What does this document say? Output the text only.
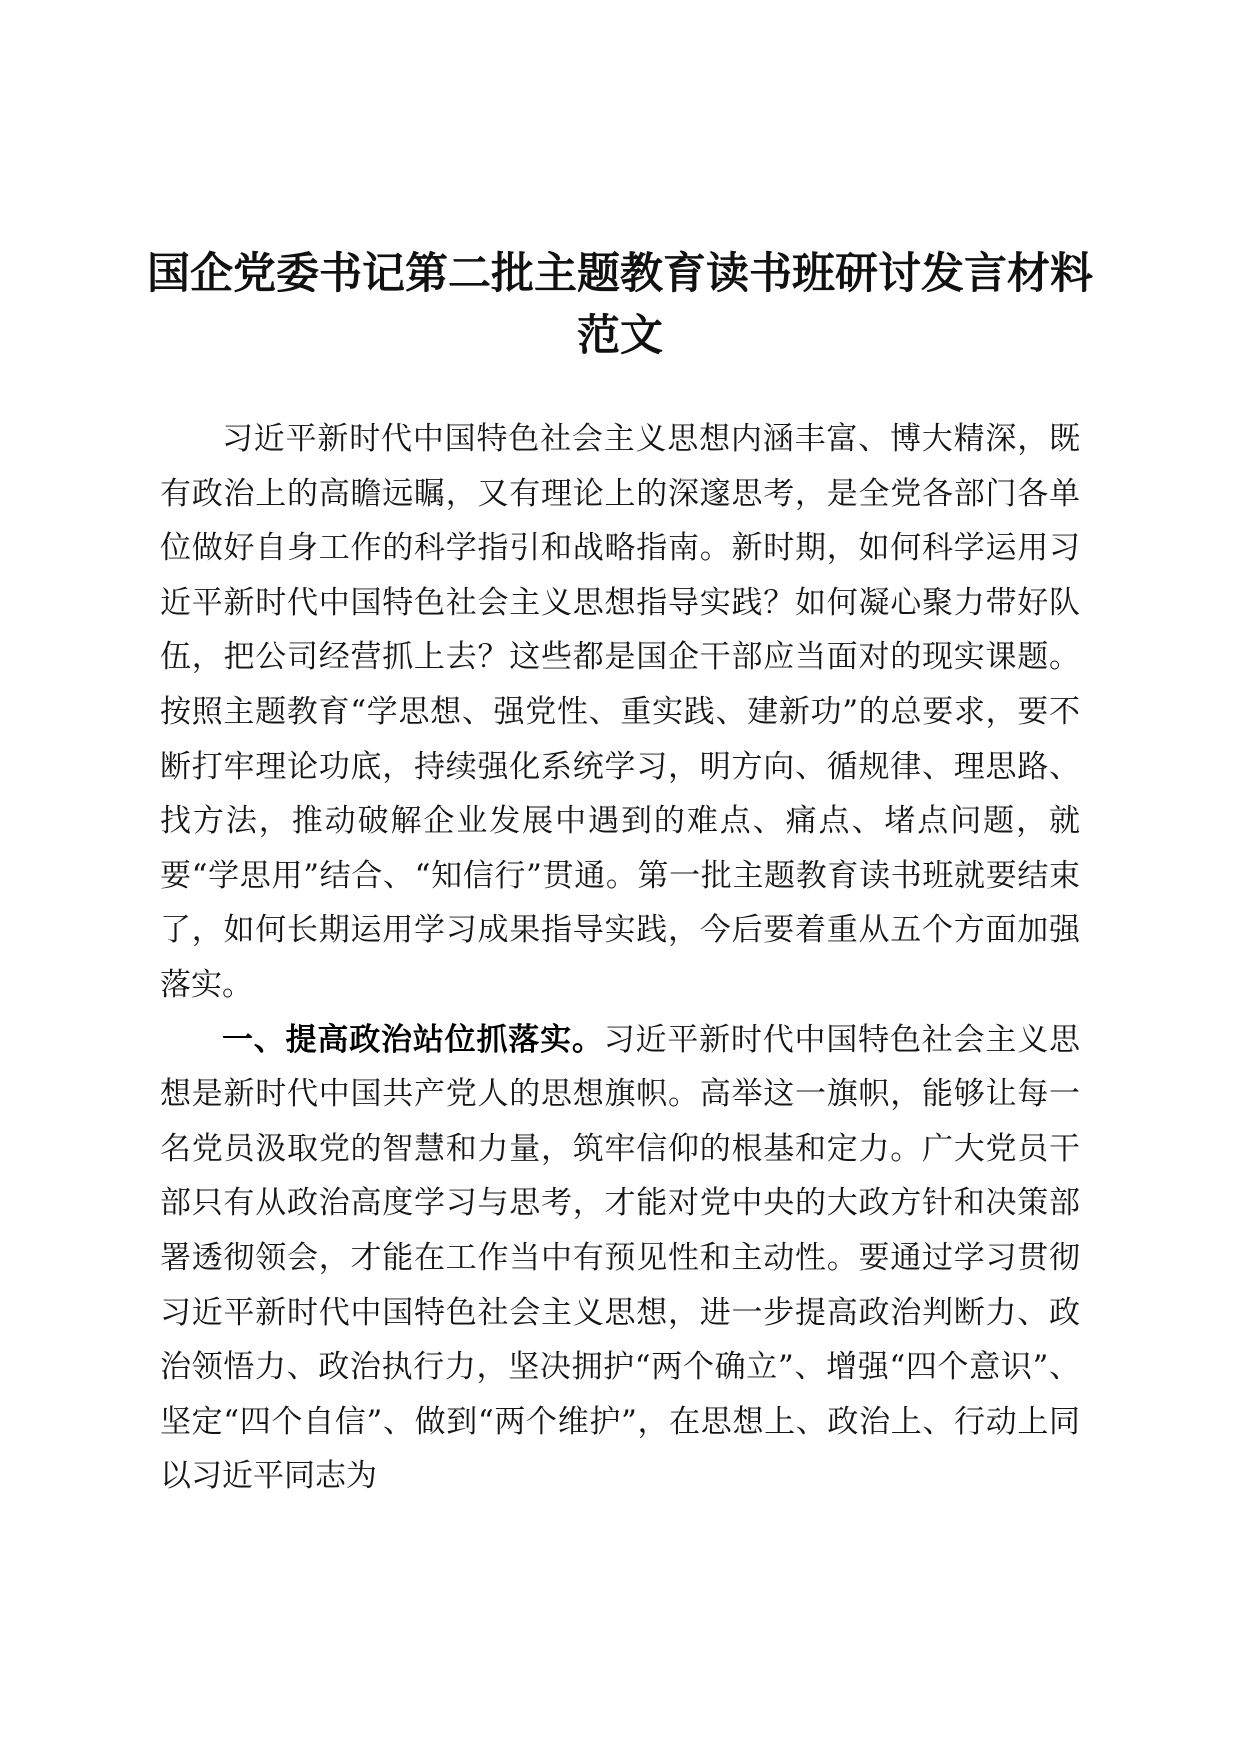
国企党委书记第二批主题教育读书班研讨发言材料范文

习近平新时代中国特色社会主义思想内涵丰富、博大精深，既有政治上的高瞻远瞩，又有理论上的深邃思考，是全党各部门各单位做好自身工作的科学指引和战略指南。新时期，如何科学运用习近平新时代中国特色社会主义思想指导实践？如何凝心聚力带好队伍，把公司经营抓上去？这些都是国企干部应当面对的现实课题。按照主题教育“学思想、强党性、重实践、建新功”的总要求，要不断打牢理论功底，持续强化系统学习，明方向、循规律、理思路、找方法，推动破解企业发展中遇到的难点、痛点、堵点问题，就要“学思用”结合、“知信行”贯通。第一批主题教育读书班就要结束了，如何长期运用学习成果指导实践，今后要着重从五个方面加强落实。

一、提高政治站位抓落实。习近平新时代中国特色社会主义思想是新时代中国共产党人的思想旗帜。高举这一旗帜，能够让每一名党员汲取党的智慧和力量，筑牢信仰的根基和定力。广大党员干部只有从政治高度学习与思考，才能对党中央的大政方针和决策部署透彻领会，才能在工作当中有预见性和主动性。要通过学习贯彻习近平新时代中国特色社会主义思想，进一步提高政治判断力、政治领悟力、政治执行力，坚决拥护“两个确立”、增强“四个意识”、坚定“四个自信”、做到“两个维护”，在思想上、政治上、行动上同以习近平同志为
